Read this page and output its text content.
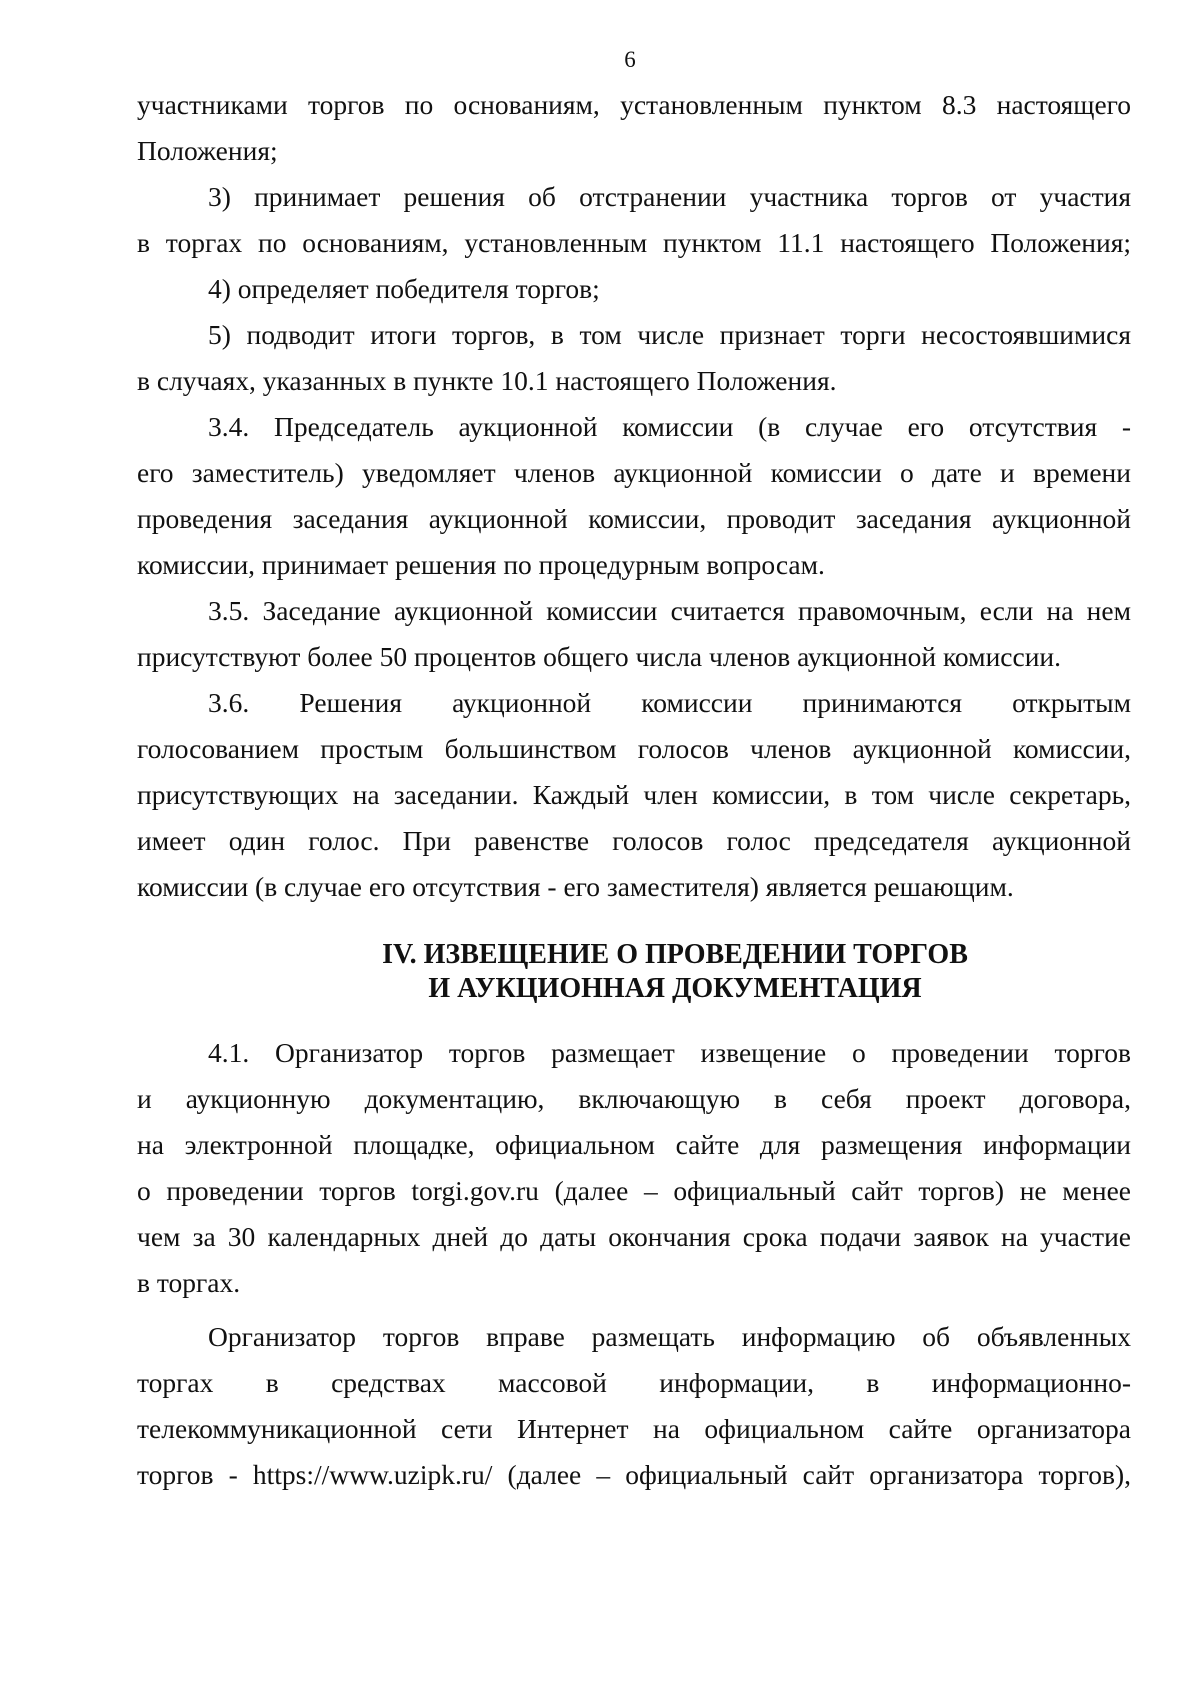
6
участниками торгов по основаниям, установленным пунктом 8.3 настоящего
Положения;
3) принимает решения об отстранении участника торгов от участия
в торгах по основаниям, установленным пунктом 11.1 настоящего Положения;
4) определяет победителя торгов;
5) подводит итоги торгов, в том числе признает торги несостоявшимися
в случаях, указанных в пункте 10.1 настоящего Положения.
3.4. Председатель аукционной комиссии (в случае его отсутствия -
его заместитель) уведомляет членов аукционной комиссии о дате и времени
проведения заседания аукционной комиссии, проводит заседания аукционной
комиссии, принимает решения по процедурным вопросам.
3.5. Заседание аукционной комиссии считается правомочным, если на нем
присутствуют более 50 процентов общего числа членов аукционной комиссии.
3.6. Решения аукционной комиссии принимаются открытым
голосованием простым большинством голосов членов аукционной комиссии,
присутствующих на заседании. Каждый член комиссии, в том числе секретарь,
имеет один голос. При равенстве голосов голос председателя аукционной
комиссии (в случае его отсутствия - его заместителя) является решающим.
IV. ИЗВЕЩЕНИЕ О ПРОВЕДЕНИИ ТОРГОВ
И АУКЦИОННАЯ ДОКУМЕНТАЦИЯ
4.1. Организатор торгов размещает извещение о проведении торгов
и аукционную документацию, включающую в себя проект договора,
на электронной площадке, официальном сайте для размещения информации
о проведении торгов torgi.gov.ru (далее – официальный сайт торгов) не менее
чем за 30 календарных дней до даты окончания срока подачи заявок на участие
в торгах.
Организатор торгов вправе размещать информацию об объявленных
торгах в средствах массовой информации, в информационно-
телекоммуникационной сети Интернет на официальном сайте организатора
торгов - https://www.uzipk.ru/ (далее – официальный сайт организатора торгов),
